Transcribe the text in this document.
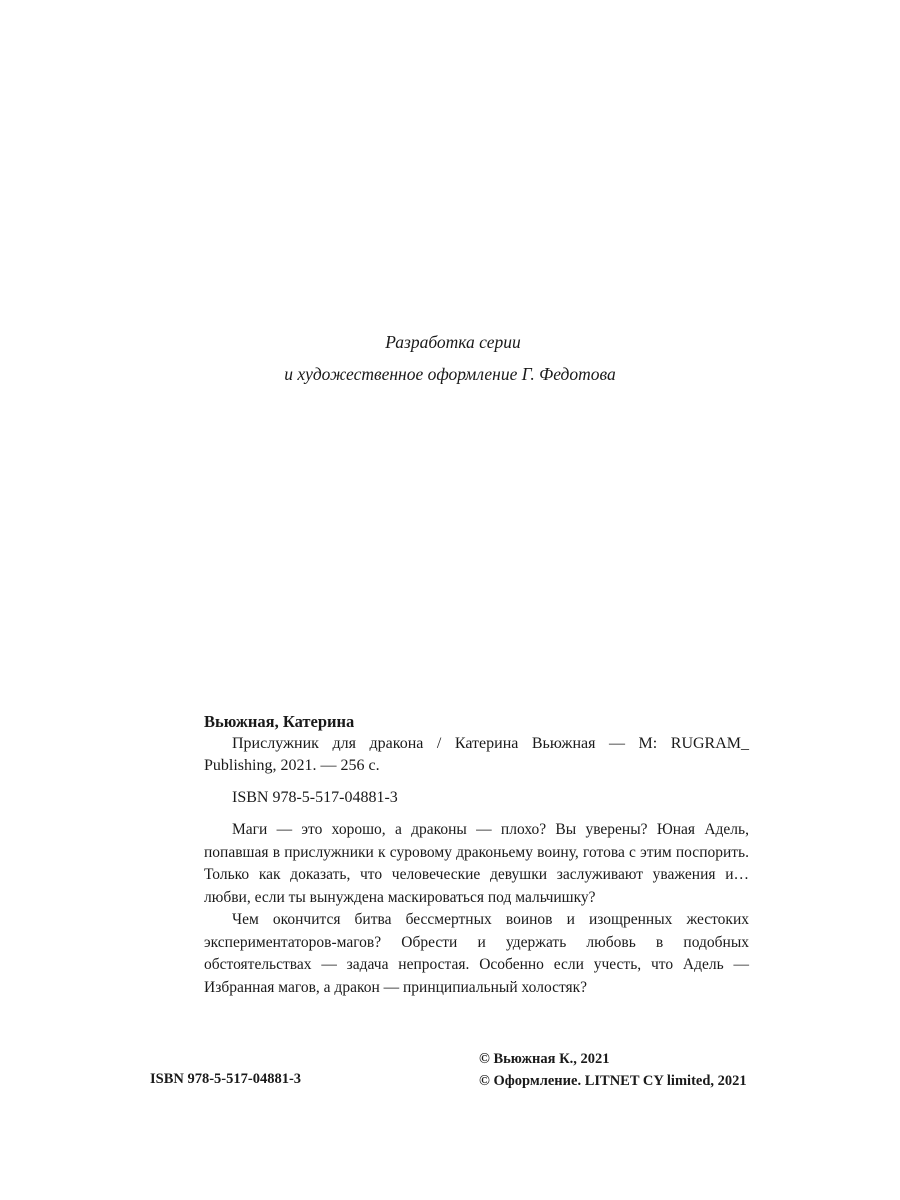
Разработка серии
и художественное оформление Г. Федотова
Вьюжная, Катерина

Прислужник для дракона / Катерина Вьюжная — М: RUGRAM_ Publishing, 2021. — 256 с.

ISBN 978-5-517-04881-3

Маги — это хорошо, а драконы — плохо? Вы уверены? Юная Адель, попавшая в прислужники к суровому драконьему воину, готова с этим поспорить. Только как доказать, что человеческие девушки заслуживают уважения и… любви, если ты вынуждена маскироваться под мальчишку?

Чем окончится битва бессмертных воинов и изощренных жестоких экспериментаторов-магов? Обрести и удержать любовь в подобных обстоятельствах — задача непростая. Особенно если учесть, что Адель — Избранная магов, а дракон — принципиальный холостяк?

ISBN 978-5-517-04881-3
© Вьюжная К., 2021
© Оформление. LITNET CY limited, 2021
